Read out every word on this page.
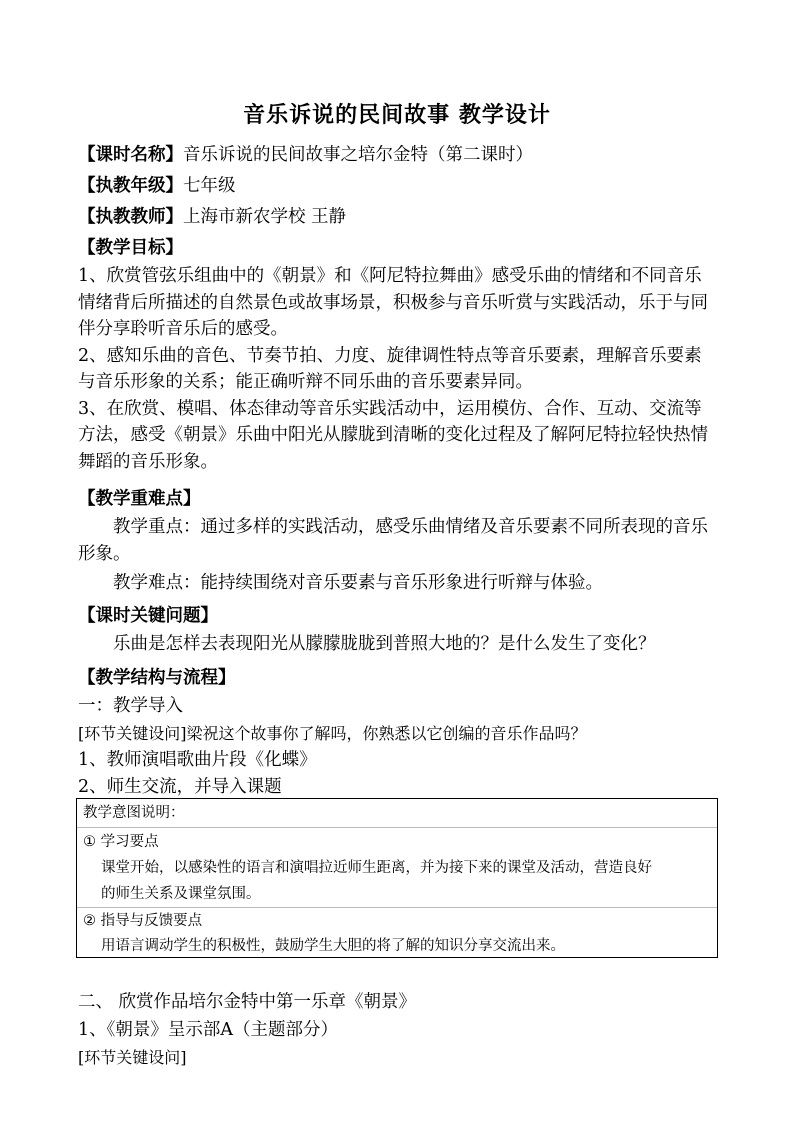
音乐诉说的民间故事 教学设计
【课时名称】音乐诉说的民间故事之培尔金特（第二课时）
【执教年级】七年级
【执教教师】上海市新农学校 王静
【教学目标】

1、欣赏管弦乐组曲中的《朝景》和《阿尼特拉舞曲》感受乐曲的情绪和不同音乐情绪背后所描述的自然景色或故事场景，积极参与音乐听赏与实践活动，乐于与同伴分享聆听音乐后的感受。

2、感知乐曲的音色、节奏节拍、力度、旋律调性特点等音乐要素，理解音乐要素与音乐形象的关系；能正确听辩不同乐曲的音乐要素异同。

3、在欣赏、模唱、体态律动等音乐实践活动中，运用模仿、合作、互动、交流等方法，感受《朝景》乐曲中阳光从朦胧到清晰的变化过程及了解阿尼特拉轻快热情舞蹈的音乐形象。

【教学重难点】

教学重点：通过多样的实践活动，感受乐曲情绪及音乐要素不同所表现的音乐形象。

教学难点：能持续围绕对音乐要素与音乐形象进行听辩与体验。

【课时关键问题】

乐曲是怎样去表现阳光从朦朦胧胧到普照大地的？是什么发生了变化？

【教学结构与流程】
一：教学导入
[环节关键设问]梁祝这个故事你了解吗，你熟悉以它创编的音乐作品吗？
1、教师演唱歌曲片段《化蝶》
2、师生交流，并导入课题
教学意图说明：
① 学习要点
课堂开始，以感染性的语言和演唱拉近师生距离，并为接下来的课堂及活动，营造良好
的师生关系及课堂氛围。
② 指导与反馈要点
用语言调动学生的积极性，鼓励学生大胆的将了解的知识分享交流出来。
二、 欣赏作品培尔金特中第一乐章《朝景》
1、《朝景》呈示部A（主题部分）
[环节关键设问]
